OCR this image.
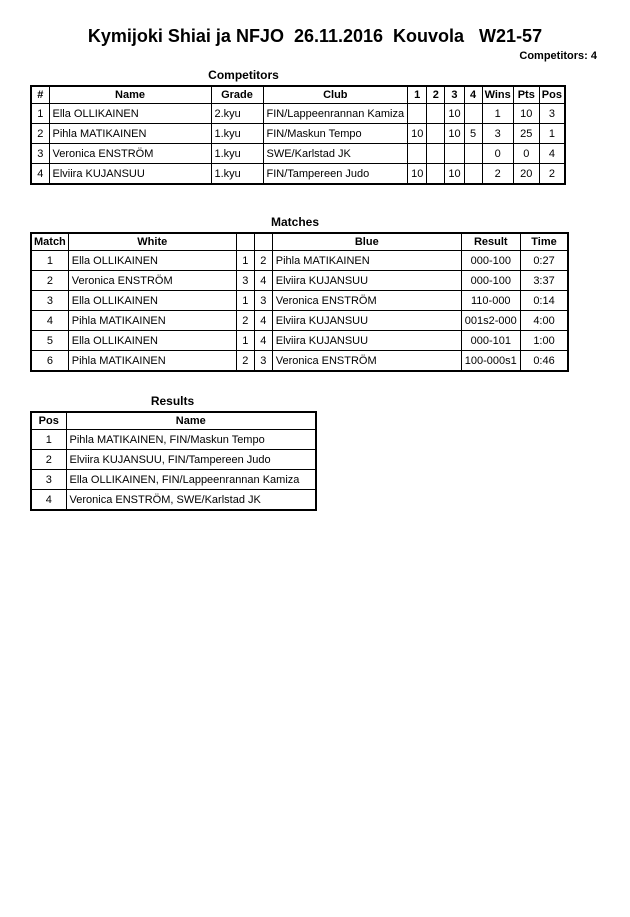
Kymijoki Shiai ja NFJO  26.11.2016  Kouvola   W21-57
Competitors: 4
Competitors
#	Name	Grade	Club	1	2	3	4	Wins	Pts	Pos
1	Ella OLLIKAINEN	2.kyu	FIN/Lappeenrannan Kamiza			10		1	10	3
2	Pihla MATIKAINEN	1.kyu	FIN/Maskun Tempo	10		10	5	3	25	1
3	Veronica ENSTRÖM	1.kyu	SWE/Karlstad JK					0	0	4
4	Elviira KUJANSUU	1.kyu	FIN/Tampereen Judo	10		10		2	20	2
Matches
Match	White			Blue	Result	Time
1	Ella OLLIKAINEN	1	2	Pihla MATIKAINEN	000-100	0:27
2	Veronica ENSTRÖM	3	4	Elviira KUJANSUU	000-100	3:37
3	Ella OLLIKAINEN	1	3	Veronica ENSTRÖM	110-000	0:14
4	Pihla MATIKAINEN	2	4	Elviira KUJANSUU	001s2-000	4:00
5	Ella OLLIKAINEN	1	4	Elviira KUJANSUU	000-101	1:00
6	Pihla MATIKAINEN	2	3	Veronica ENSTRÖM	100-000s1	0:46
Results
Pos	Name
1	Pihla MATIKAINEN, FIN/Maskun Tempo
2	Elviira KUJANSUU, FIN/Tampereen Judo
3	Ella OLLIKAINEN, FIN/Lappeenrannan Kamiza
4	Veronica ENSTRÖM, SWE/Karlstad JK
